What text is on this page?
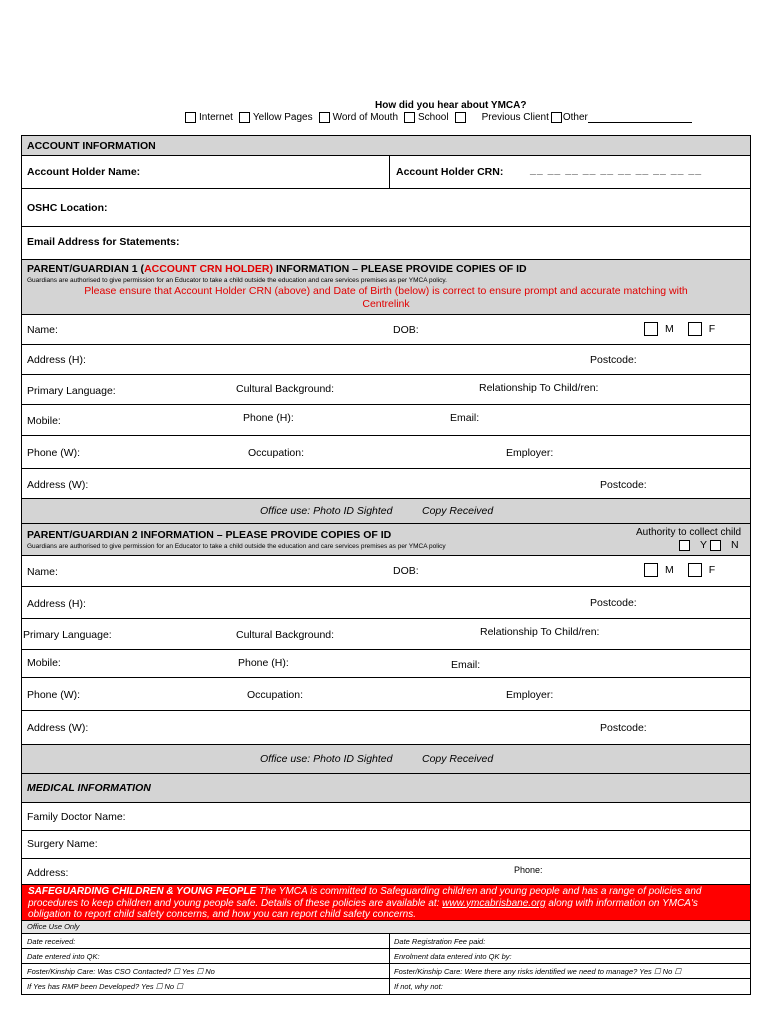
How did you hear about YMCA?
Internet Yellow Pages Word of Mouth School	Previous Client Other
ACCOUNT INFORMATION
Account Holder Name:	Account Holder CRN:	__ __ __ __ __ __ __ __ __ __
OSHC Location:
Email Address for Statements:
PARENT/GUARDIAN 1 (ACCOUNT CRN HOLDER) INFORMATION – PLEASE PROVIDE COPIES OF ID
Guardians are authorised to give permission for an Educator to take a child outside the education and care services premises as per YMCA policy.
Please ensure that Account Holder CRN (above) and Date of Birth (below) is correct to ensure prompt and accurate matching with
Centrelink
Name:	DOB:	M	F
Address (H):	Postcode:
Primary Language:	Cultural Background:	Relationship To Child/ren:
Mobile:	Phone (H):	Email:
Phone (W):	Occupation:	Employer:
Address (W):	Postcode:
Office use: Photo ID Sighted	Copy Received
PARENT/GUARDIAN 2 INFORMATION – PLEASE PROVIDE COPIES OF ID
Guardians are authorised to give permission for an Educator to take a child outside the education and care services premises as per YMCA policy
Authority to collect child
Y N
Name:	DOB:	M	F
Address (H):	Postcode:
Primary Language:	Cultural Background:	Relationship To Child/ren:
Mobile:	Phone (H):	Email:
Phone (W):	Occupation:	Employer:
Address (W):	Postcode:
Office use: Photo ID Sighted	Copy Received
MEDICAL INFORMATION
Family Doctor Name:
Surgery Name:
Address:	Phone:
SAFEGUARDING CHILDREN & YOUNG PEOPLE The YMCA is committed to Safeguarding children and young people and has a range of policies and
procedures to keep children and young people safe. Details of these policies are available at: www.ymcabrisbane.org along with information on YMCA's
obligation to report child safety concerns, and how you can report child safety concerns.
Office Use Only
Date received:	Date Registration Fee paid:
Date entered into QK:	Enrolment data entered into QK by:
Foster/Kinship Care: Was CSO Contacted? ☐ Yes ☐ No	Foster/Kinship Care: Were there any risks identified we need to manage? Yes ☐ No ☐
If Yes has RMP been Developed? Yes ☐ No ☐	If not, why not:
